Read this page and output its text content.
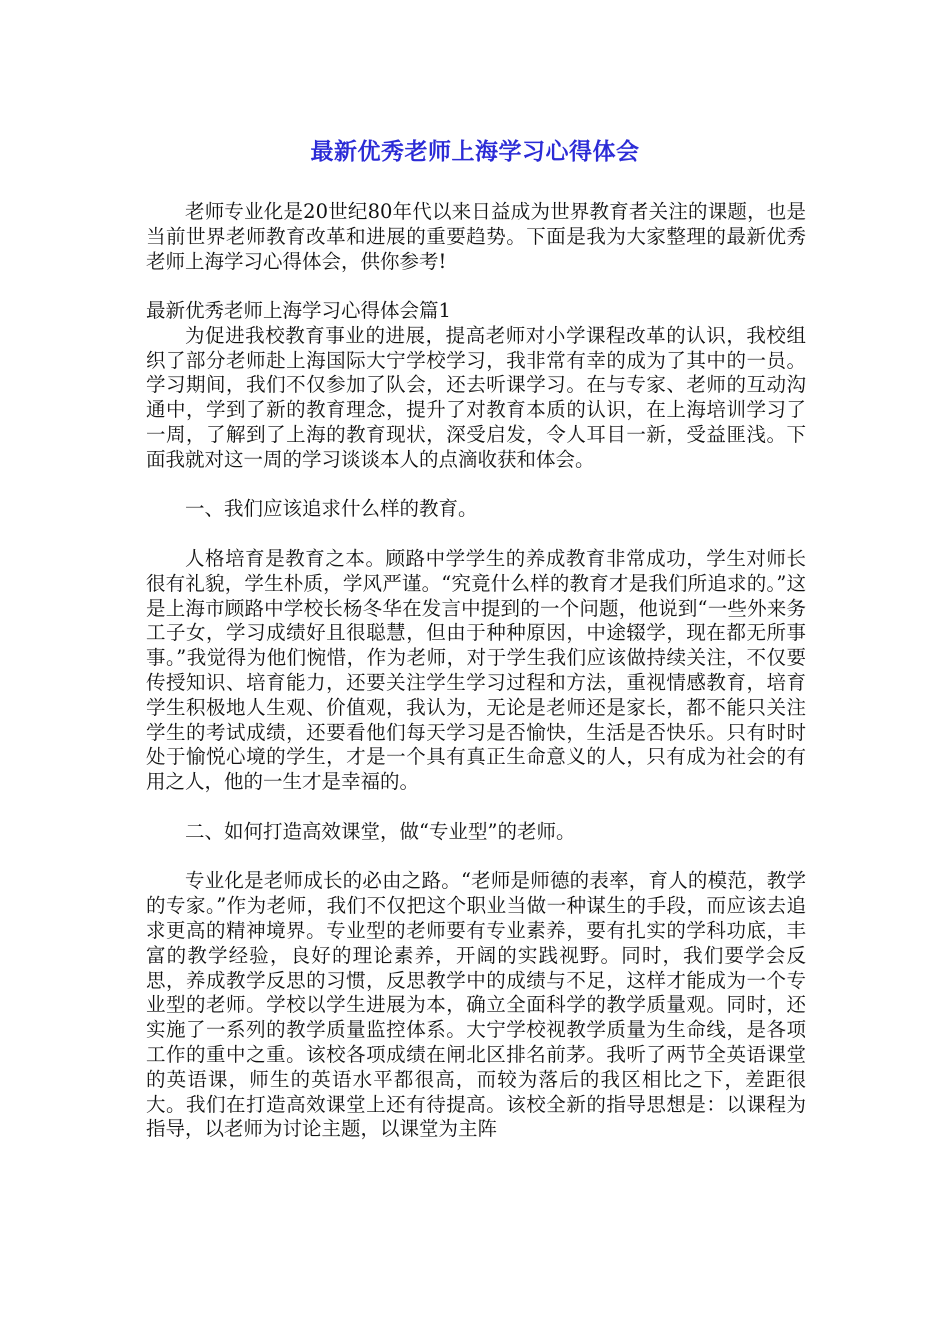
最新优秀老师上海学习心得体会

老师专业化是20世纪80年代以来日益成为世界教育者关注的课题，也是当前世界老师教育改革和进展的重要趋势。下面是我为大家整理的最新优秀老师上海学习心得体会，供你参考!

最新优秀老师上海学习心得体会篇1

为促进我校教育事业的进展，提高老师对小学课程改革的认识，我校组织了部分老师赴上海国际大宁学校学习，我非常有幸的成为了其中的一员。学习期间，我们不仅参加了队会，还去听课学习。在与专家、老师的互动沟通中，学到了新的教育理念，提升了对教育本质的认识，在上海培训学习了一周，了解到了上海的教育现状，深受启发，令人耳目一新，受益匪浅。下面我就对这一周的学习谈谈本人的点滴收获和体会。

一、我们应该追求什么样的教育。

人格培育是教育之本。顾路中学学生的养成教育非常成功，学生对师长很有礼貌，学生朴质，学风严谨。“究竟什么样的教育才是我们所追求的。”这是上海市顾路中学校长杨冬华在发言中提到的一个问题，他说到“一些外来务工子女，学习成绩好且很聪慧，但由于种种原因，中途辍学，现在都无所事事。”我觉得为他们惋惜，作为老师，对于学生我们应该做持续关注，不仅要传授知识、培育能力，还要关注学生学习过程和方法，重视情感教育，培育学生积极地人生观、价值观，我认为，无论是老师还是家长，都不能只关注学生的考试成绩，还要看他们每天学习是否愉快，生活是否快乐。只有时时处于愉悦心境的学生，才是一个具有真正生命意义的人，只有成为社会的有用之人，他的一生才是幸福的。

二、如何打造高效课堂，做“专业型”的老师。

专业化是老师成长的必由之路。“老师是师德的表率，育人的模范，教学的专家。”作为老师，我们不仅把这个职业当做一种谋生的手段，而应该去追求更高的精神境界。专业型的老师要有专业素养，要有扎实的学科功底，丰富的教学经验，良好的理论素养，开阔的实践视野。同时，我们要学会反思，养成教学反思的习惯，反思教学中的成绩与不足，这样才能成为一个专业型的老师。学校以学生进展为本，确立全面科学的教学质量观。同时，还实施了一系列的教学质量监控体系。大宁学校视教学质量为生命线，是各项工作的重中之重。该校各项成绩在闸北区排名前茅。我听了两节全英语课堂的英语课，师生的英语水平都很高，而较为落后的我区相比之下，差距很大。我们在打造高效课堂上还有待提高。该校全新的指导思想是：以课程为指导，以老师为讨论主题，以课堂为主阵
